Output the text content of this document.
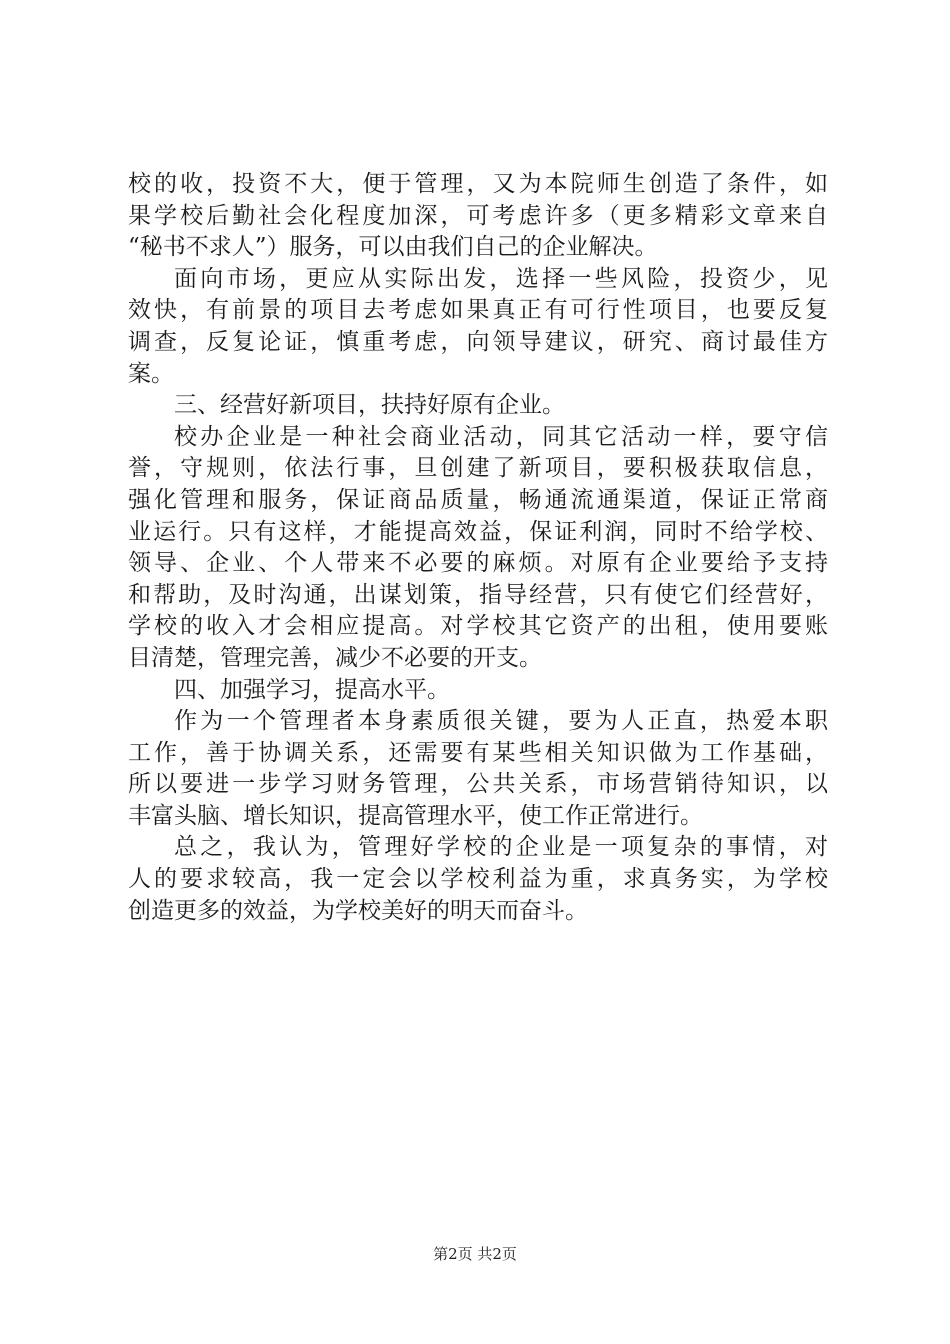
校的收，投资不大，便于管理，又为本院师生创造了条件，如
果学校后勤社会化程度加深，可考虑许多（更多精彩文章来自
“秘书不求人”）服务，可以由我们自己的企业解决。
面向市场，更应从实际出发，选择一些风险，投资少，见
效快，有前景的项目去考虑如果真正有可行性项目，也要反复
调查，反复论证，慎重考虑，向领导建议，研究、商讨最佳方
案。
三、经营好新项目，扶持好原有企业。
校办企业是一种社会商业活动，同其它活动一样，要守信
誉，守规则，依法行事，旦创建了新项目，要积极获取信息，
强化管理和服务，保证商品质量，畅通流通渠道，保证正常商
业运行。只有这样，才能提高效益，保证利润，同时不给学校、
领导、企业、个人带来不必要的麻烦。对原有企业要给予支持
和帮助，及时沟通，出谋划策，指导经营，只有使它们经营好，
学校的收入才会相应提高。对学校其它资产的出租，使用要账
目清楚，管理完善，减少不必要的开支。
四、加强学习，提高水平。
作为一个管理者本身素质很关键，要为人正直，热爱本职
工作，善于协调关系，还需要有某些相关知识做为工作基础，
所以要进一步学习财务管理，公共关系，市场营销待知识，以
丰富头脑、增长知识，提高管理水平，使工作正常进行。
总之，我认为，管理好学校的企业是一项复杂的事情，对
人的要求较高，我一定会以学校利益为重，求真务实，为学校
创造更多的效益，为学校美好的明天而奋斗。
第2页 共2页
